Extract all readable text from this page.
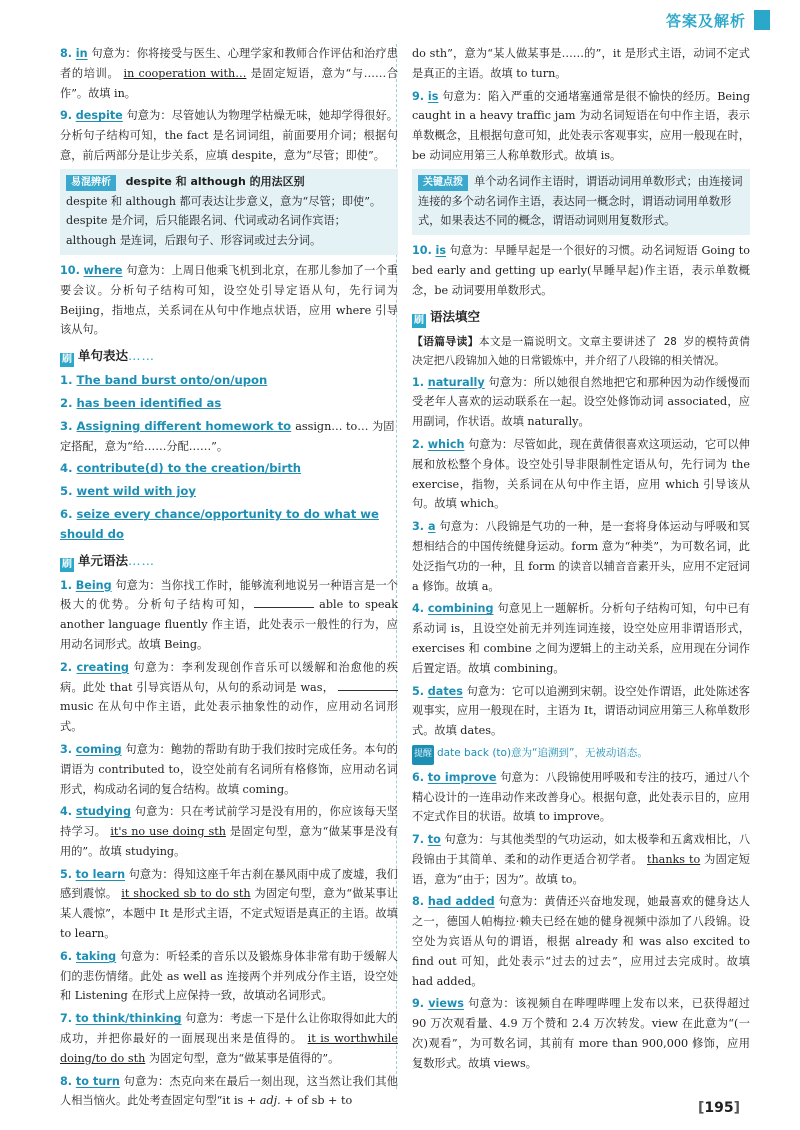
答案及解析

8. in 句意为：你将接受与医生、心理学家和教师合作评估和治疗患者的培训。 in cooperation with… 是固定短语，意为“与……合作”。故填 in。

9. despite 句意为：尽管她认为物理学枯燥无味，她却学得很好。分析句子结构可知，the fact 是名词词组，前面要用介词；根据句意，前后两部分是让步关系，应填 despite，意为“尽管；即使”。

易混辨析 despite 和 although 的用法区别
despite 和 although 都可表达让步意义，意为“尽管；即使”。
despite 是介词，后只能跟名词、代词或动名词作宾语；
although 是连词，后跟句子、形容词或过去分词。

10. where 句意为：上周日他乘飞机到北京，在那儿参加了一个重要会议。分析句子结构可知，设空处引导定语从句，先行词为 Beijing，指地点，关系词在从句中作地点状语，应用 where 引导该从句。

刷 单句表达……
1. The band burst onto/on/upon
2. has been identified as
3. Assigning different homework to assign… to… 为固定搭配，意为“给……分配……”。
4. contribute(d) to the creation/birth
5. went wild with joy
6. seize every chance/opportunity to do what we should do
刷 单元语法……

1. Being 句意为：当你找工作时，能够流利地说另一种语言是一个极大的优势。分析句子结构可知，	able to speak another language fluently 作主语，此处表示一般性的行为，应用动名词形式。故填 Being。

2. creating 句意为：李利发现创作音乐可以缓解和治愈他的疾病。此处 that 引导宾语从句，从句的系动词是 was，  music 在从句中作主语，此处表示抽象性的动作，应用动名词形式。

3. coming 句意为：鲍勃的帮助有助于我们按时完成任务。本句的谓语为 contributed to，设空处前有名词所有格修饰，应用动名词形式，构成动名词的复合结构。故填 coming。

4. studying 句意为：只在考试前学习是没有用的，你应该每天坚持学习。 it's no use doing sth 是固定句型，意为“做某事是没有用的”。故填 studying。

5. to learn 句意为：得知这座千年古刹在暴风雨中成了废墟，我们感到震惊。 it shocked sb to do sth 为固定句型，意为“做某事让某人震惊”，本题中 It 是形式主语，不定式短语是真正的主语。故填 to learn。

6. taking 句意为：听轻柔的音乐以及锻炼身体非常有助于缓解人们的悲伤情绪。此处 as well as 连接两个并列成分作主语，设空处和 Listening 在形式上应保持一致，故填动名词形式。

7. to think/thinking 句意为：考虑一下是什么让你取得如此大的成功，并把你最好的一面展现出来是值得的。 it is worthwhile doing/to do sth 为固定句型，意为“做某事是值得的”。

8. to turn 句意为：杰克向来在最后一刻出现，这当然让我们其他人相当恼火。此处考查固定句型“it is + adj. + of sb + to

do sth”，意为“某人做某事是……的”，it 是形式主语，动词不定式是真正的主语。故填 to turn。

9. is 句意为：陷入严重的交通堵塞通常是很不愉快的经历。Being caught in a heavy traffic jam 为动名词短语在句中作主语，表示单数概念，且根据句意可知，此处表示客观事实，应用一般现在时，be 动词应用第三人称单数形式。故填 is。

关键点拨 单个动名词作主语时，谓语动词用单数形式；由连接词连接的多个动名词作主语，表达同一概念时，谓语动词用单数形式，如果表达不同的概念，谓语动词则用复数形式。

10. is 句意为：早睡早起是一个很好的习惯。动名词短语 Going to bed early and getting up early(早睡早起)作主语，表示单数概念，be 动词要用单数形式。

刷 语法填空

【语篇导读】本文是一篇说明文。文章主要讲述了 28 岁的模特黄倩决定把八段锦加入她的日常锻炼中，并介绍了八段锦的相关情况。

1. naturally 句意为：所以她很自然地把它和那种因为动作缓慢而受老年人喜欢的运动联系在一起。设空处修饰动词 associated，应用副词，作状语。故填 naturally。

2. which 句意为：尽管如此，现在黄倩很喜欢这项运动，它可以伸展和放松整个身体。设空处引导非限制性定语从句，先行词为 the exercise，指物，关系词在从句中作主语，应用 which 引导该从句。故填 which。

3. a 句意为：八段锦是气功的一种，是一套将身体运动与呼吸和冥想相结合的中国传统健身运动。form 意为“种类”，为可数名词，此处泛指气功的一种，且 form 的读音以辅音音素开头，应用不定冠词 a 修饰。故填 a。

4. combining 句意见上一题解析。分析句子结构可知，句中已有系动词 is，且设空处前无并列连词连接，设空处应用非谓语形式，exercises 和 combine 之间为逻辑上的主动关系，应用现在分词作后置定语。故填 combining。

5. dates 句意为：它可以追溯到宋朝。设空处作谓语，此处陈述客观事实，应用一般现在时，主语为 It，谓语动词应用第三人称单数形式。故填 dates。

提醒 date back (to)意为“追溯到”，无被动语态。

6. to improve 句意为：八段锦使用呼吸和专注的技巧，通过八个精心设计的一连串动作来改善身心。根据句意，此处表示目的，应用不定式作目的状语。故填 to improve。

7. to 句意为：与其他类型的气功运动，如太极拳和五禽戏相比，八段锦由于其简单、柔和的动作更适合初学者。 thanks to 为固定短语，意为“由于；因为”。故填 to。

8. had added 句意为：黄倩还兴奋地发现，她最喜欢的健身达人之一，德国人帕梅拉·赖夫已经在她的健身视频中添加了八段锦。设空处为宾语从句的谓语，根据 already 和 was also excited to find out 可知，此处表示“过去的过去”，应用过去完成时。故填 had added。

9. views 句意为：该视频自在哔哩哔哩上发布以来，已获得超过 90 万次观看量、4.9 万个赞和 2.4 万次转发。view 在此意为“(一次)观看”，为可数名词，其前有 more than 900,000 修饰，应用复数形式。故填 views。

[195]
